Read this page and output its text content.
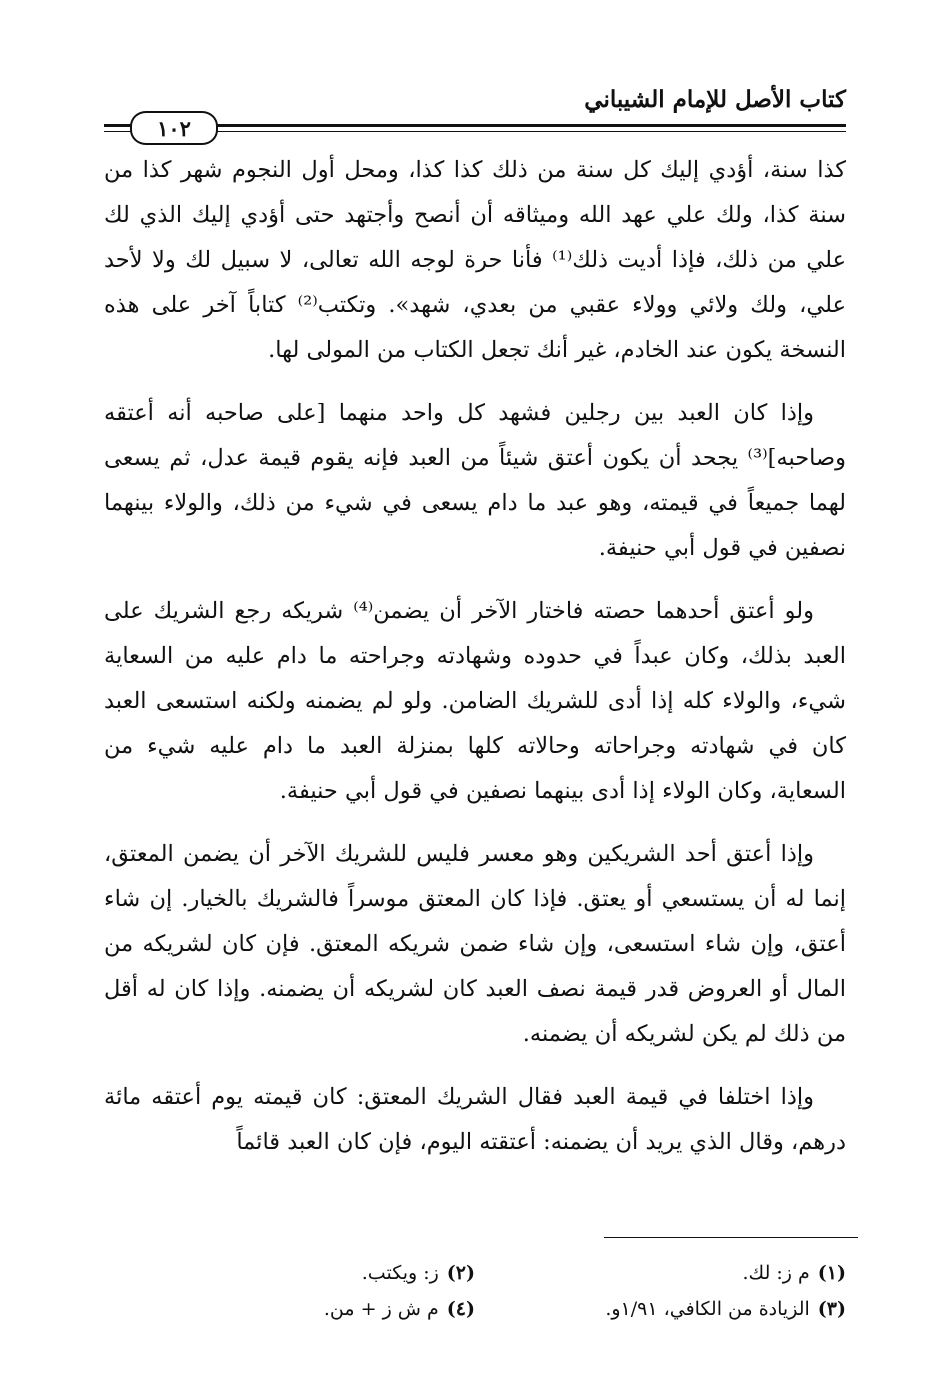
كتاب الأصل للإمام الشيباني
١٠٢

كذا سنة، أؤدي إليك كل سنة من ذلك كذا كذا، ومحل أول النجوم شهر كذا من سنة كذا، ولك علي عهد الله وميثاقه أن أنصح وأجتهد حتى أؤدي إليك الذي لك علي من ذلك، فإذا أديت ذلك⁽¹⁾ فأنا حرة لوجه الله تعالى، لا سبيل لك ولا لأحد علي، ولك ولائي وولاء عقبي من بعدي، شهد». وتكتب⁽²⁾ كتاباً آخر على هذه النسخة يكون عند الخادم، غير أنك تجعل الكتاب من المولى لها.

وإذا كان العبد بين رجلين فشهد كل واحد منهما [على صاحبه أنه أعتقه وصاحبه]⁽³⁾ يجحد أن يكون أعتق شيئاً من العبد فإنه يقوم قيمة عدل، ثم يسعى لهما جميعاً في قيمته، وهو عبد ما دام يسعى في شيء من ذلك، والولاء بينهما نصفين في قول أبي حنيفة.

ولو أعتق أحدهما حصته فاختار الآخر أن يضمن⁽⁴⁾ شريكه رجع الشريك على العبد بذلك، وكان عبداً في حدوده وشهادته وجراحته ما دام عليه من السعاية شيء، والولاء كله إذا أدى للشريك الضامن. ولو لم يضمنه ولكنه استسعى العبد كان في شهادته وجراحاته وحالاته كلها بمنزلة العبد ما دام عليه شيء من السعاية، وكان الولاء إذا أدى بينهما نصفين في قول أبي حنيفة.

وإذا أعتق أحد الشريكين وهو معسر فليس للشريك الآخر أن يضمن المعتق، إنما له أن يستسعي أو يعتق. فإذا كان المعتق موسراً فالشريك بالخيار. إن شاء أعتق، وإن شاء استسعى، وإن شاء ضمن شريكه المعتق. فإن كان لشريكه من المال أو العروض قدر قيمة نصف العبد كان لشريكه أن يضمنه. وإذا كان له أقل من ذلك لم يكن لشريكه أن يضمنه.

وإذا اختلفا في قيمة العبد فقال الشريك المعتق: كان قيمته يوم أعتقه مائة درهم، وقال الذي يريد أن يضمنه: أعتقته اليوم، فإن كان العبد قائماً

(١)م ز: لك.
(٢)ز: ويكتب.
(٣)الزيادة من الكافي، ١/٩١و.
(٤)م ش ز + من.
